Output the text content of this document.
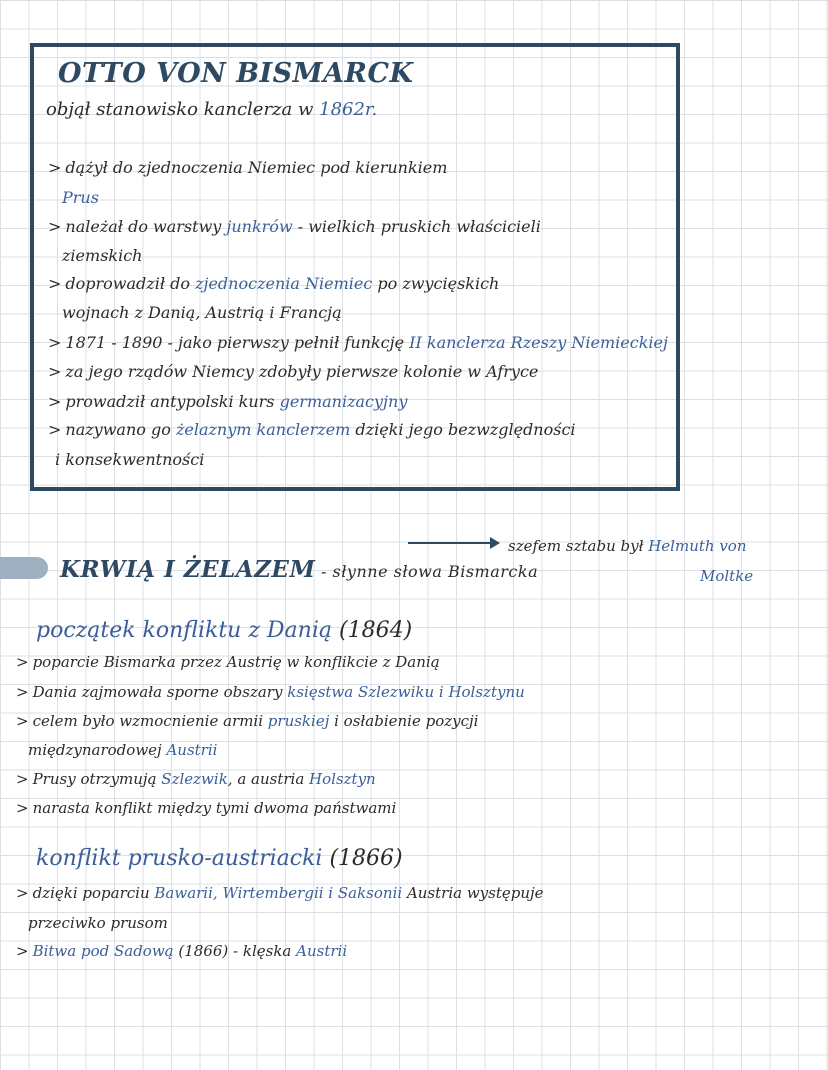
OTTO VON BISMARCK
objął stanowisko kanclerza w 1862r.
> dążył do zjednoczenia Niemiec pod kierunkiem
Prus
> należał do warstwy junkrów - wielkich pruskich właścicieli
ziemskich
> doprowadził do zjednoczenia Niemiec po zwycięskich
wojnach z Danią, Austrią i Francją
> 1871 - 1890 - jako pierwszy pełnił funkcję II kanclerza Rzeszy Niemieckiej
> za jego rządów Niemcy zdobyły pierwsze kolonie w Afryce
> prowadził antypolski kurs germanizacyjny
> nazywano go żelaznym kanclerzem dzięki jego bezwzględności
i konsekwentności
szefem sztabu był Helmuth von
Moltke
KRWIĄ I ŻELAZEM - słynne słowa Bismarcka
początek konfliktu z Danią (1864)
> poparcie Bismarka przez Austrię w konflikcie z Danią
> Dania zajmowała sporne obszary księstwa Szlezwiku i Holsztynu
> celem było wzmocnienie armii pruskiej i osłabienie pozycji
międzynarodowej Austrii
> Prusy otrzymują Szlezwik, a austria Holsztyn
> narasta konflikt między tymi dwoma państwami
konflikt prusko-austriacki (1866)
> dzięki poparciu Bawarii, Wirtembergii i Saksonii Austria występuje
przeciwko prusom
> Bitwa pod Sadową (1866) - klęska Austrii
